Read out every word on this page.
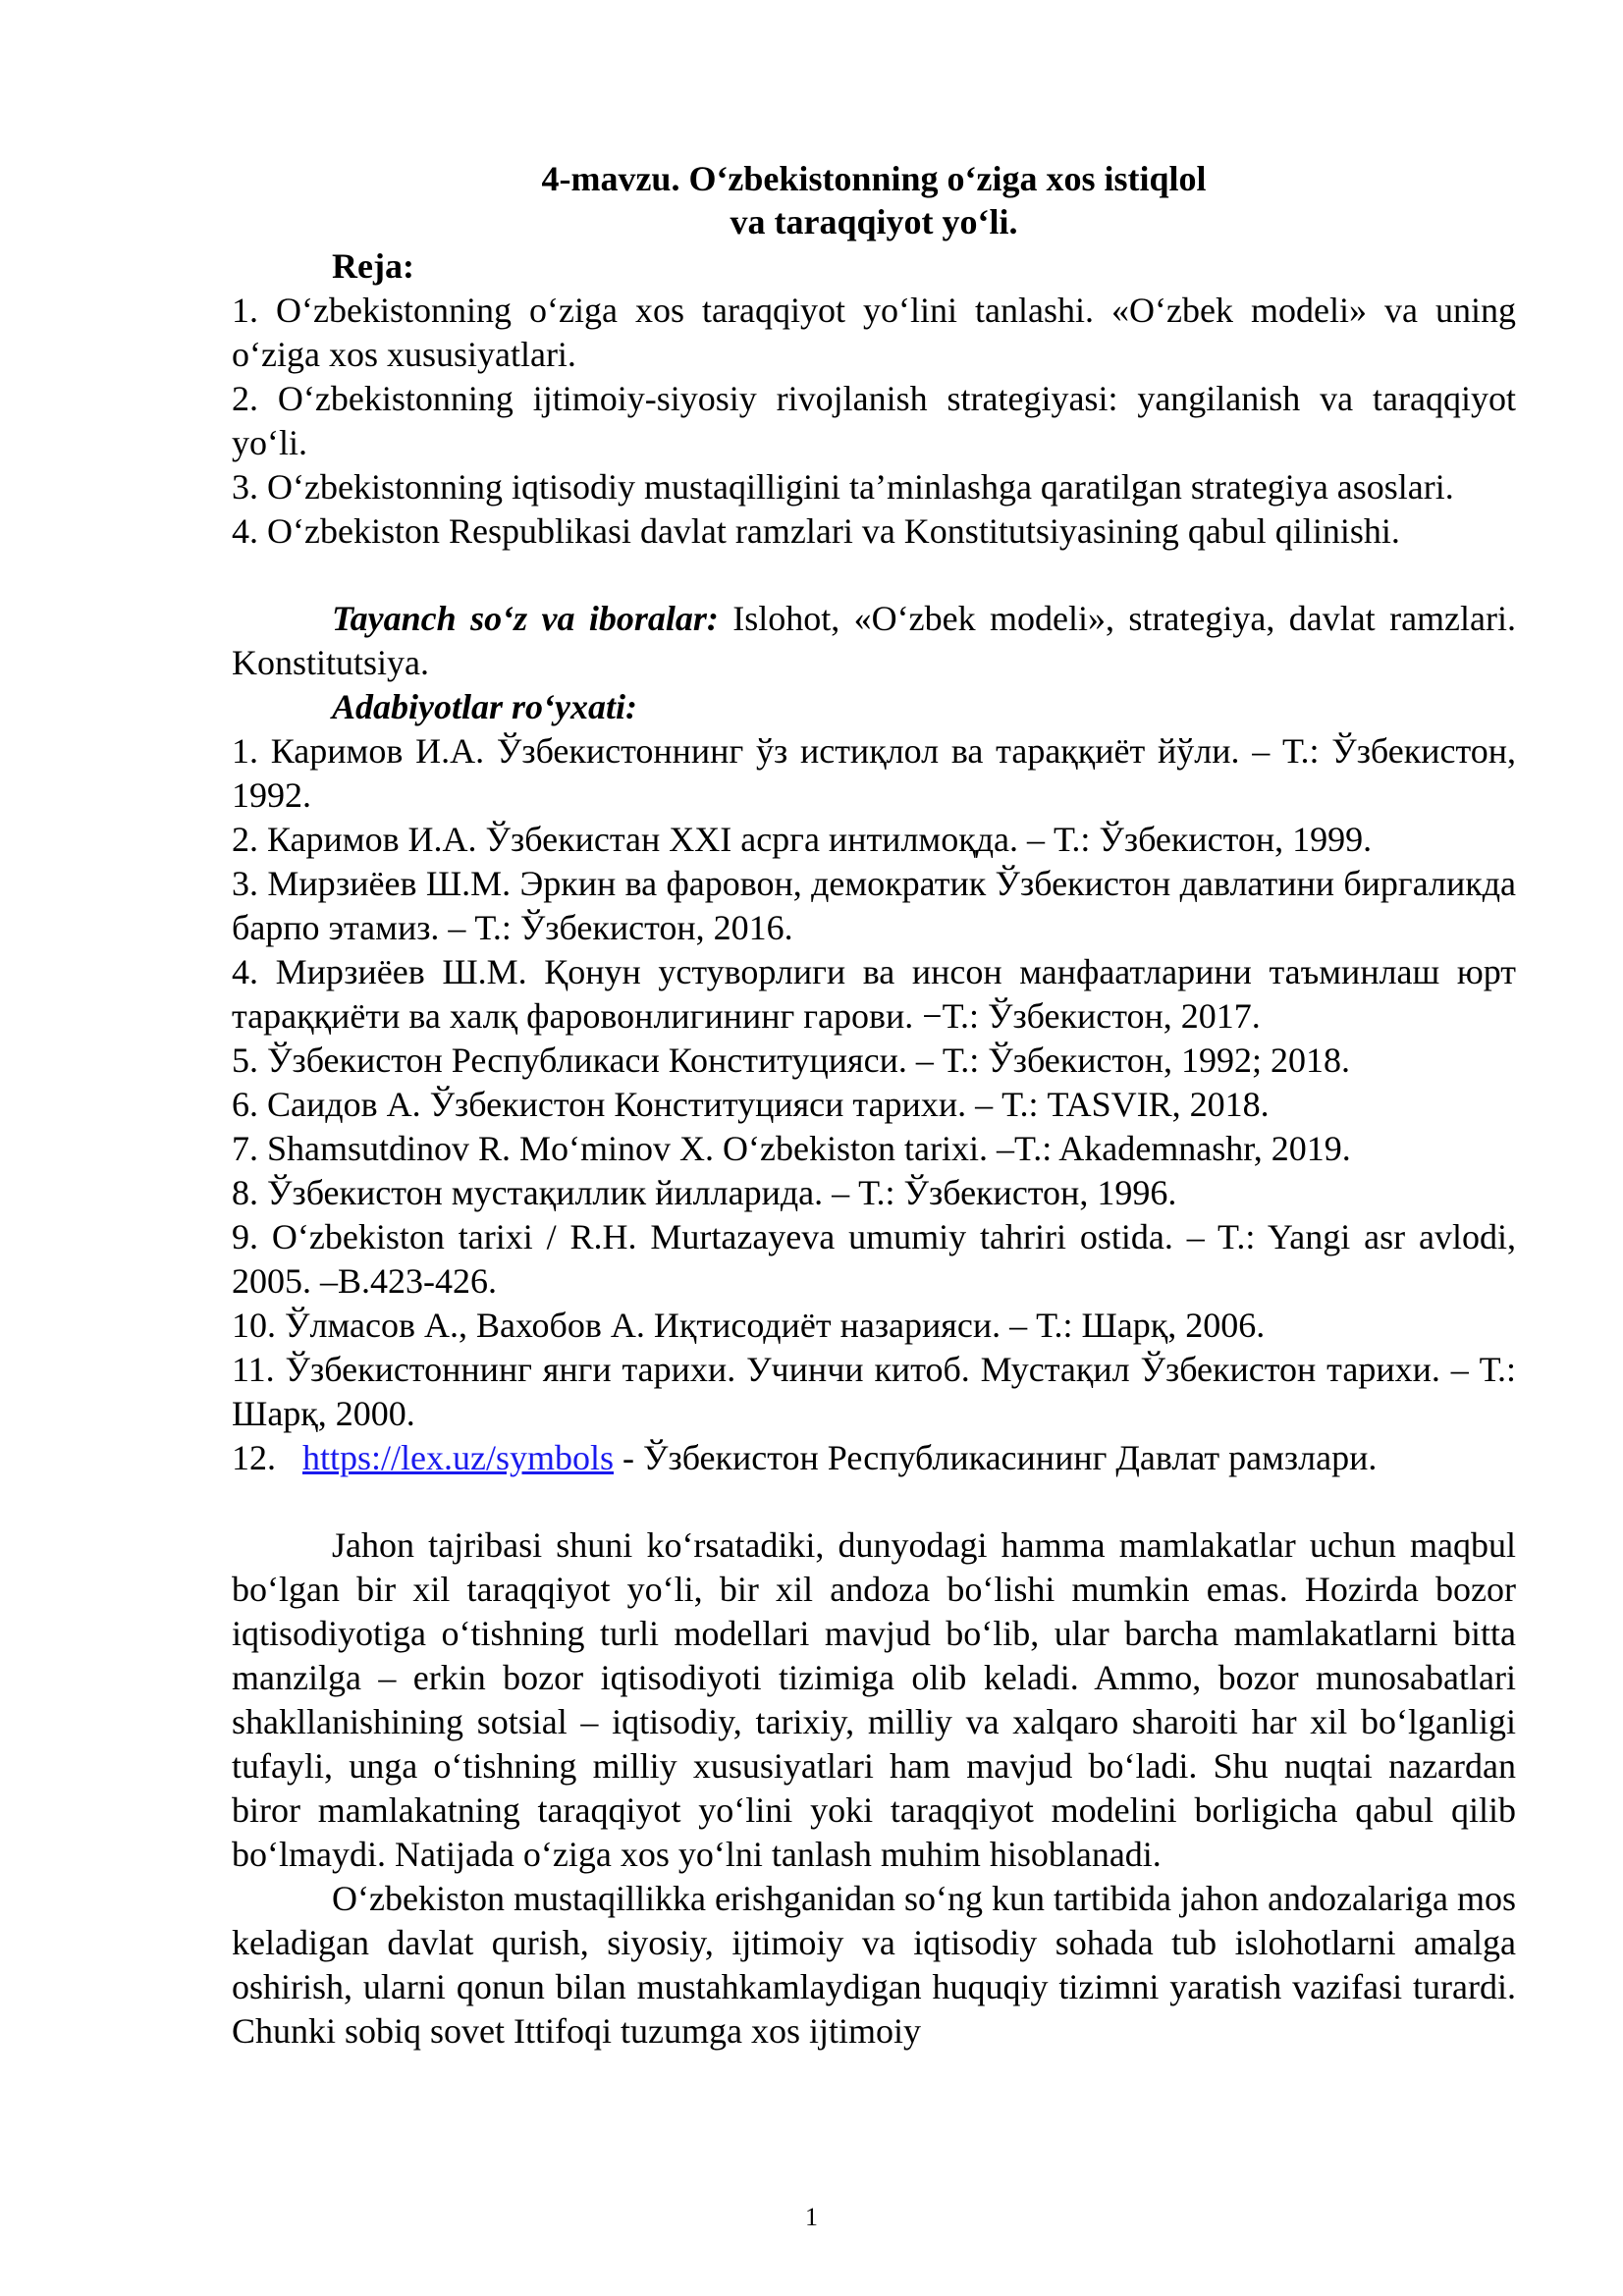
4-mavzu. O‘zbekistonning o‘ziga xos istiqlol
va taraqqiyot yo‘li.

Reja:

1. O‘zbekistonning o‘ziga xos taraqqiyot yo‘lini tanlashi. «O‘zbek modeli» va uning o‘ziga xos xususiyatlari.

2. O‘zbekistonning ijtimoiy-siyosiy rivojlanish strategiyasi: yangilanish va taraqqiyot yo‘li.

3. O‘zbekistonning iqtisodiy mustaqilligini ta’minlashga qaratilgan strategiya asoslari.

4. O‘zbekiston Respublikasi davlat ramzlari va Konstitutsiyasining qabul qilinishi.

Tayanch so‘z va iboralar: Islohot, «O‘zbek modeli», strategiya, davlat ramzlari. Konstitutsiya.

Adabiyotlar ro‘yxati:

1. Каримов И.А. Ўзбекистоннинг ўз истиқлол ва тараққиёт йўли. – Т.: Ўзбекистон, 1992.

2. Каримов И.А. Ўзбекистан XXI асрга интилмоқда. – Т.: Ўзбекистон, 1999.

3. Мирзиёев Ш.М. Эркин ва фаровон, демократик Ўзбекистон давлатини биргаликда барпо этамиз. – Т.: Ўзбекистон, 2016.

4. Мирзиёев Ш.М. Қонун устуворлиги ва инсон манфаатларини таъминлаш юрт тараққиёти ва халқ фаровонлигининг гарови. −Т.: Ўзбекистон, 2017.

5. Ўзбекистон Республикаси Конституцияси. – Т.: Ўзбекистон, 1992; 2018.

6. Саидов А. Ўзбекистон Конституцияси тарихи. – Т.: TASVIR, 2018.

7. Shamsutdinov R. Mo‘minov X. O‘zbekiston tarixi. –T.: Akademnashr, 2019.

8. Ўзбекистон мустақиллик йилларида. – Т.: Ўзбекистон, 1996.

9. O‘zbekiston tarixi / R.H. Murtazayeva umumiy tahriri ostida. – T.: Yangi asr avlodi, 2005. –B.423-426.

10. Ўлмасов А., Вахобов А. Иқтисодиёт назарияси. – Т.: Шарқ, 2006.

11. Ўзбекистоннинг янги тарихи. Учинчи китоб. Мустақил Ўзбекистон тарихи. – Т.: Шарқ, 2000.

12. https://lex.uz/symbols - Ўзбекистон Республикасининг Давлат рамзлари.

Jahon tajribasi shuni ko‘rsatadiki, dunyodagi hamma mamlakatlar uchun maqbul bo‘lgan bir xil taraqqiyot yo‘li, bir xil andoza bo‘lishi mumkin emas. Hozirda bozor iqtisodiyotiga o‘tishning turli modellari mavjud bo‘lib, ular barcha mamlakatlarni bitta manzilga – erkin bozor iqtisodiyoti tizimiga olib keladi. Ammo, bozor munosabatlari shakllanishining sotsial – iqtisodiy, tarixiy, milliy va xalqaro sharoiti har xil bo‘lganligi tufayli, unga o‘tishning milliy xususiyatlari ham mavjud bo‘ladi. Shu nuqtai nazardan biror mamlakatning taraqqiyot yo‘lini yoki taraqqiyot modelini borligicha qabul qilib bo‘lmaydi. Natijada o‘ziga xos yo‘lni tanlash muhim hisoblanadi.

O‘zbekiston mustaqillikka erishganidan so‘ng kun tartibida jahon andozalariga mos keladigan davlat qurish, siyosiy, ijtimoiy va iqtisodiy sohada tub islohotlarni amalga oshirish, ularni qonun bilan mustahkamlaydigan huquqiy tizimni yaratish vazifasi turardi. Chunki sobiq sovet Ittifoqi tuzumga xos ijtimoiy

1
